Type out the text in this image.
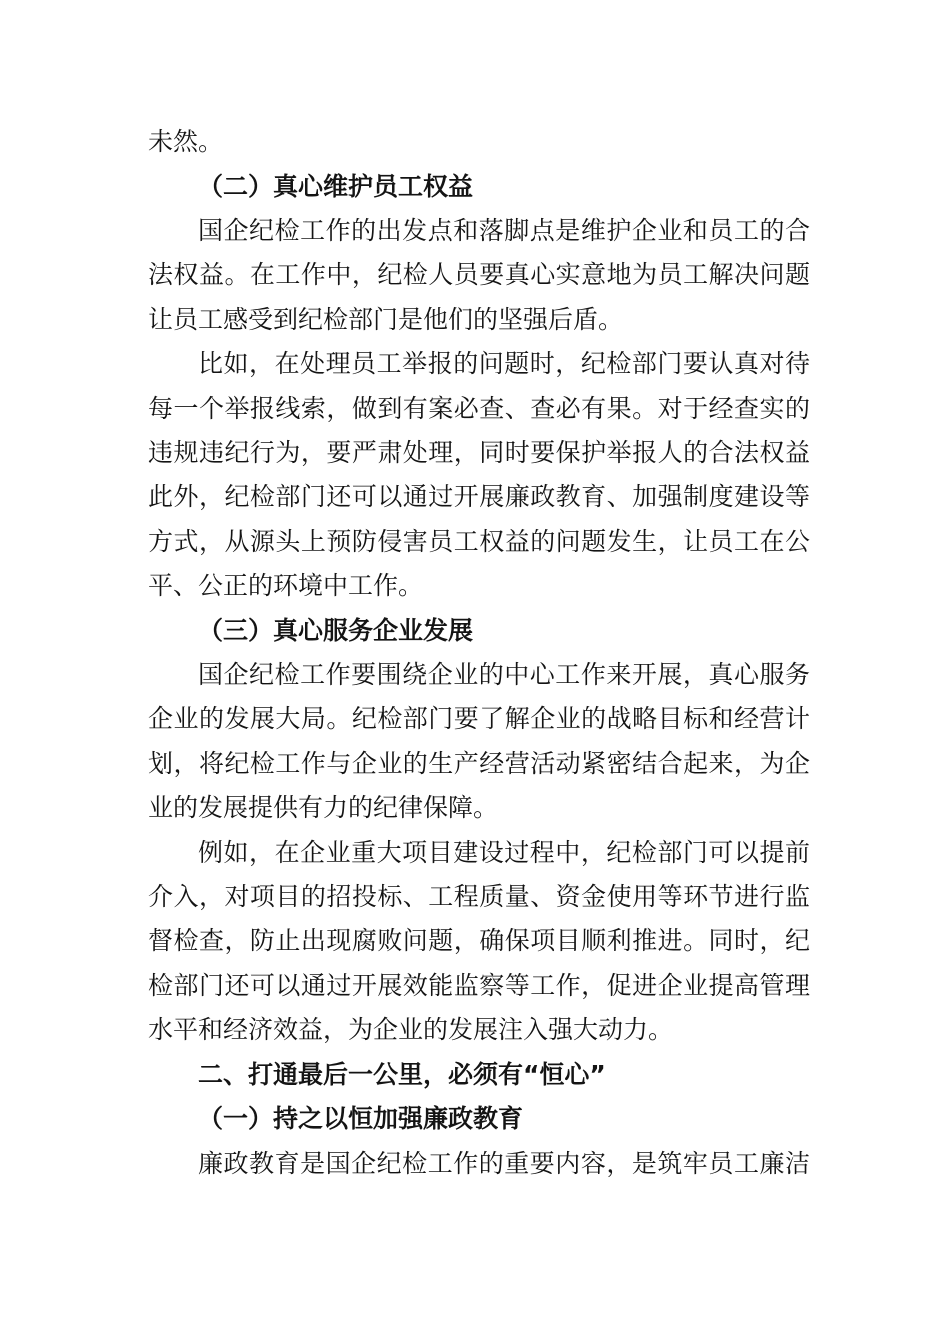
未然。
（二）真心维护员工权益
国企纪检工作的出发点和落脚点是维护企业和员工的合
法权益。在工作中，纪检人员要真心实意地为员工解决问题
让员工感受到纪检部门是他们的坚强后盾。
比如，在处理员工举报的问题时，纪检部门要认真对待
每一个举报线索，做到有案必查、查必有果。对于经查实的
违规违纪行为，要严肃处理，同时要保护举报人的合法权益
此外，纪检部门还可以通过开展廉政教育、加强制度建设等
方式，从源头上预防侵害员工权益的问题发生，让员工在公
平、公正的环境中工作。
（三）真心服务企业发展
国企纪检工作要围绕企业的中心工作来开展，真心服务
企业的发展大局。纪检部门要了解企业的战略目标和经营计
划，将纪检工作与企业的生产经营活动紧密结合起来，为企
业的发展提供有力的纪律保障。
例如，在企业重大项目建设过程中，纪检部门可以提前
介入，对项目的招投标、工程质量、资金使用等环节进行监
督检查，防止出现腐败问题，确保项目顺利推进。同时，纪
检部门还可以通过开展效能监察等工作，促进企业提高管理
水平和经济效益，为企业的发展注入强大动力。
二、打通最后一公里，必须有“恒心”
（一）持之以恒加强廉政教育
廉政教育是国企纪检工作的重要内容，是筑牢员工廉洁
